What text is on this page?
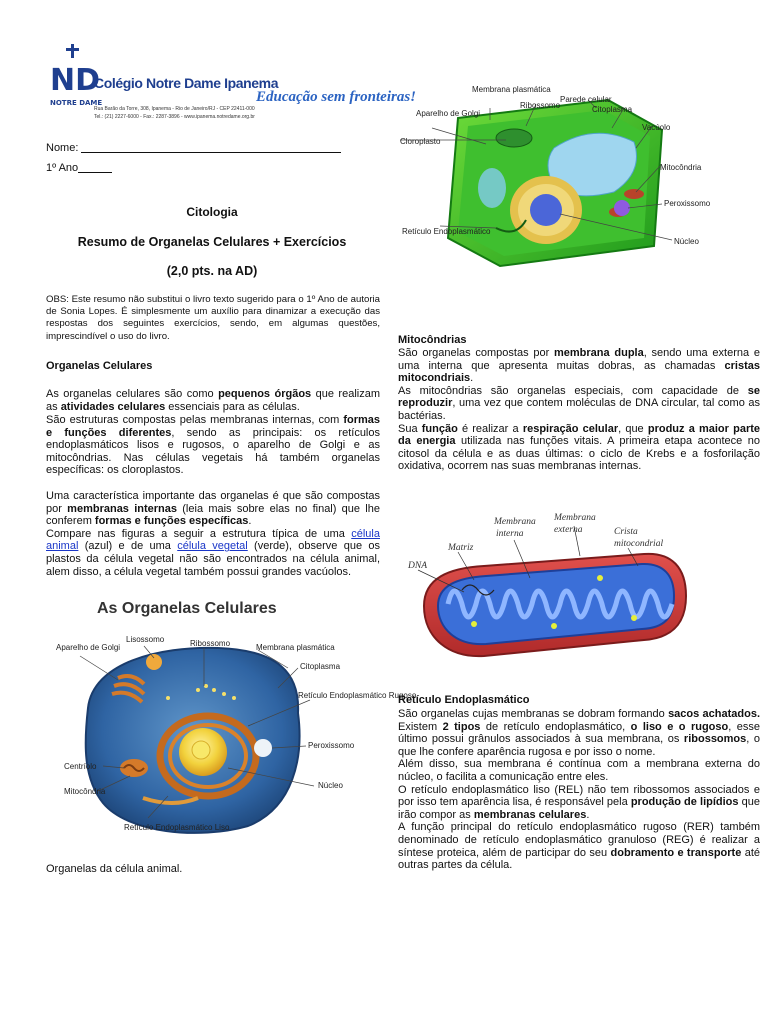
ND
NOTRE DAME
Colégio Notre Dame Ipanema
Rua Barão da Torre, 308, Ipanema - Rio de Janeiro/RJ - CEP 22411-000
Tel.: (21) 2227-6000 - Fax.: 2287-3896 - www.ipanema.notredame.org.br
Educação sem fronteiras!
Nome:
1º Ano
Citologia
Resumo de Organelas Celulares + Exercícios
(2,0 pts. na AD)
OBS: Este resumo não substitui o livro texto sugerido para o 1º Ano de autoria de Sonia Lopes. É simplesmente um auxílio para dinamizar a execução das respostas dos seguintes exercícios, sendo, em algumas questões, imprescindível o uso do livro.
Organelas Celulares
As organelas celulares são como pequenos órgãos que realizam as atividades celulares essenciais para as células.
São estruturas compostas pelas membranas internas, com formas e funções diferentes, sendo as principais: os retículos endoplasmáticos lisos e rugosos, o aparelho de Golgi e as mitocôndrias. Nas células vegetais há também organelas específicas: os cloroplastos.
Uma característica importante das organelas é que são compostas por membranas internas (leia mais sobre elas no final) que lhe conferem formas e funções específicas.
Compare nas figuras a seguir a estrutura típica de uma célula animal (azul) e de uma célula vegetal (verde), observe que os plastos da célula vegetal não são encontrados na célula animal, alem disso, a célula vegetal também possui grandes vacúolos.
As Organelas Celulares
Aparelho de Golgi
Lisossomo	Ribossomo	Membrana plasmática
Citoplasma
Retículo Endoplasmático Rugoso
Peroxissomo
Centríolo
Mitocôndria
Núcleo
Retículo Endoplasmático Liso
Organelas da célula animal.
Membrana plasmática
Ribossomo
Parede celular
Citoplasma
Aparelho de Golgi
Cloroplasto
Vacúolo
Mitocôndria
Peroxissomo
Retículo Endoplasmático
Núcleo
Mitocôndrias
São organelas compostas por membrana dupla, sendo uma externa e uma interna que apresenta muitas dobras, as chamadas cristas mitocondriais.
As mitocôndrias são organelas especiais, com capacidade de se reproduzir, uma vez que contem moléculas de DNA circular, tal como as bactérias.
Sua função é realizar a respiração celular, que produz a maior parte da energia utilizada nas funções vitais. A primeira etapa acontece no citosol da célula e as duas últimas: o ciclo de Krebs e a fosforilação oxidativa, ocorrem nas suas membranas internas.
Membrana
interna
Membrana
externa	Crista
mitocondrial
Matriz
DNA
Retículo Endoplasmático
São organelas cujas membranas se dobram formando sacos achatados. Existem 2 tipos de retículo endoplasmático, o liso e o rugoso, esse último possui grânulos associados à sua membrana, os ribossomos, o que lhe confere aparência rugosa e por isso o nome.
Além disso, sua membrana é contínua com a membrana externa do núcleo, o facilita a comunicação entre eles.
O retículo endoplasmático liso (REL) não tem ribossomos associados e por isso tem aparência lisa, é responsável pela produção de lipídios que irão compor as membranas celulares.
A função principal do retículo endoplasmático rugoso (RER) também denominado de retículo endoplasmático granuloso (REG) é realizar a síntese proteica, além de participar do seu dobramento e transporte até outras partes da célula.
